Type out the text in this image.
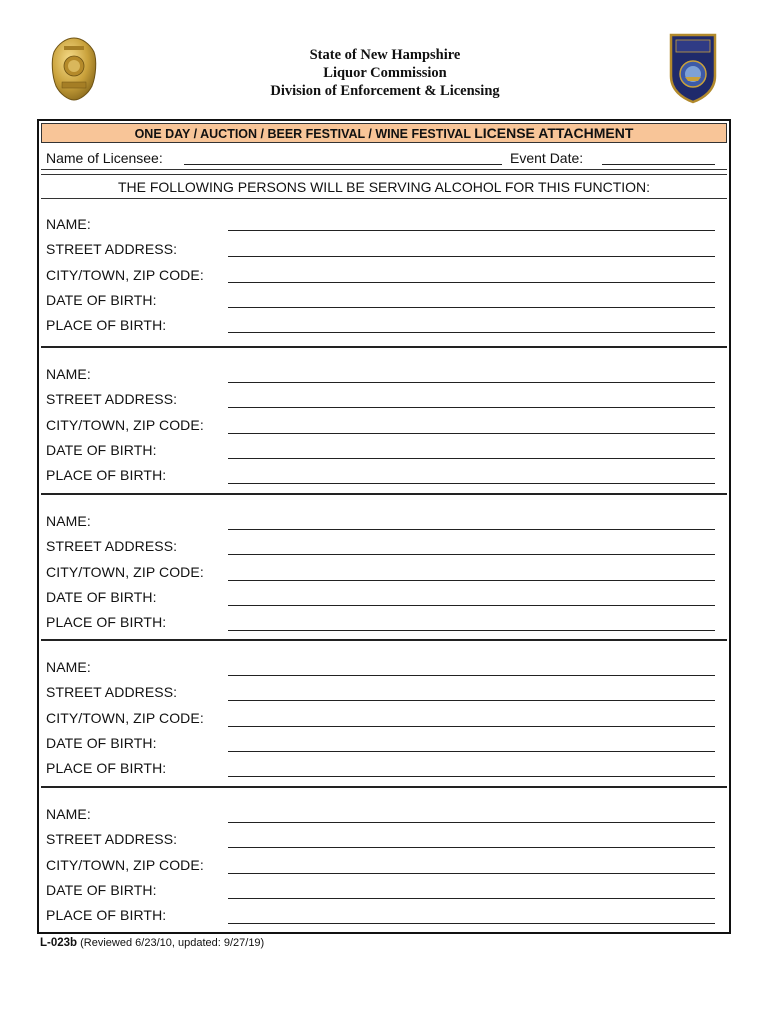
State of New Hampshire
Liquor Commission
Division of Enforcement & Licensing
ONE DAY / AUCTION / BEER FESTIVAL / WINE FESTIVAL LICENSE ATTACHMENT
Name of Licensee:	Event Date:
THE FOLLOWING PERSONS WILL BE SERVING ALCOHOL FOR THIS FUNCTION:
NAME:
STREET ADDRESS:
CITY/TOWN, ZIP CODE:
DATE OF BIRTH:
PLACE OF BIRTH:
NAME:
STREET ADDRESS:
CITY/TOWN, ZIP CODE:
DATE OF BIRTH:
PLACE OF BIRTH:
NAME:
STREET ADDRESS:
CITY/TOWN, ZIP CODE:
DATE OF BIRTH:
PLACE OF BIRTH:
NAME:
STREET ADDRESS:
CITY/TOWN, ZIP CODE:
DATE OF BIRTH:
PLACE OF BIRTH:
NAME:
STREET ADDRESS:
CITY/TOWN, ZIP CODE:
DATE OF BIRTH:
PLACE OF BIRTH:
L-023b (Reviewed 6/23/10, updated: 9/27/19)
